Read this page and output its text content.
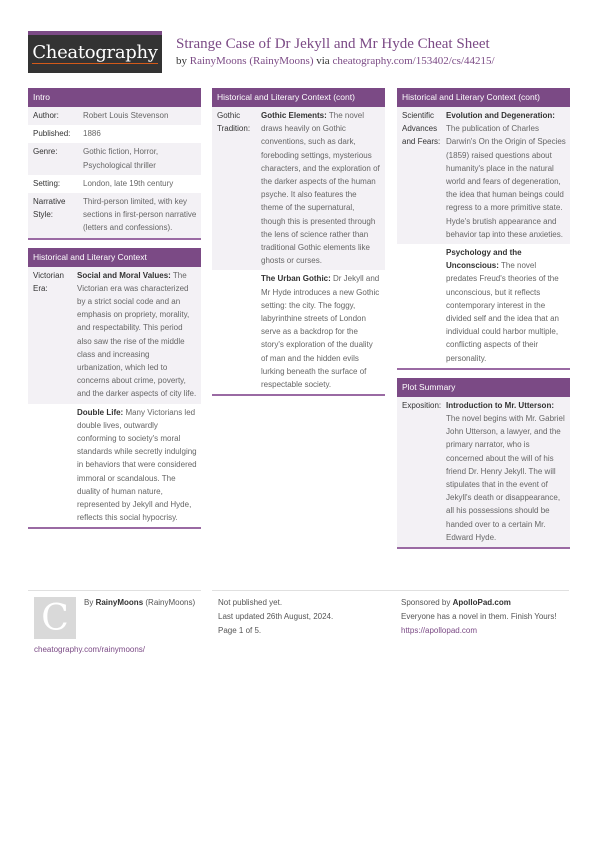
Cheatography Strange Case of Dr Jekyll and Mr Hyde Cheat Sheet
by RainyMoons (RainyMoons) via cheatography.com/153402/cs/44215/
Intro
Author:	Robert Louis Stevenson
Published:	1886
Genre:	Gothic fiction, Horror, Psychological thriller
Setting:	London, late 19th century
Narrative Style:
Third-person limited, with key sections in first-person narrative (letters and confessions).
Historical and Literary Context
Victorian Era:
Social and Moral Values: The Victorian era was characterized by a strict social code and an emphasis on propriety, morality, and respectability. This period also saw the rise of the middle class and increasing urbanization, which led to concerns about crime, poverty, and the darker aspects of city life.
Double Life: Many Victorians led double lives, outwardly conforming to society's moral standards while secretly indulging in behaviors that were considered immoral or scandalous. The duality of human nature, represented by Jekyll and Hyde, reflects this social hypocrisy.
Historical and Literary Context (cont)
Gothic Tradition:
Gothic Elements: The novel draws heavily on Gothic conventions, such as dark, foreboding settings, mysterious characters, and the exploration of the darker aspects of the human psyche. It also features the theme of the supernatural, though this is presented through the lens of science rather than traditional Gothic elements like ghosts or curses.
The Urban Gothic: Dr Jekyll and Mr Hyde introduces a new Gothic setting: the city. The foggy, labyrinthine streets of London serve as a backdrop for the story's exploration of the duality of man and the hidden evils lurking beneath the surface of respectable society.
Historical and Literary Context (cont)
Scientific Advances and Fears:
Evolution and Degeneration: The publication of Charles Darwin's On the Origin of Species (1859) raised questions about humanity's place in the natural world and fears of degeneration, the idea that human beings could regress to a more primitive state. Hyde's brutish appearance and behavior tap into these anxieties.
Psychology and the Unconscious: The novel predates Freud's theories of the unconscious, but it reflects contemporary interest in the divided self and the idea that an individual could harbor multiple, conflicting aspects of their personality.
Plot Summary
Exposition: Introduction to Mr. Utterson: The novel begins with Mr. Gabriel John Utterson, a lawyer, and the primary narrator, who is concerned about the will of his friend Dr. Henry Jekyll. The will stipulates that in the event of Jekyll's death or disappearance, all his possessions should be handed over to a certain Mr. Edward Hyde.
C By RainyMoons (RainyMoons)
cheatography.com/rainymoons/
Not published yet.
Last updated 26th August, 2024.
Page 1 of 5.
Sponsored by ApolloPad.com
Everyone has a novel in them. Finish Yours!
https://apollopad.com
